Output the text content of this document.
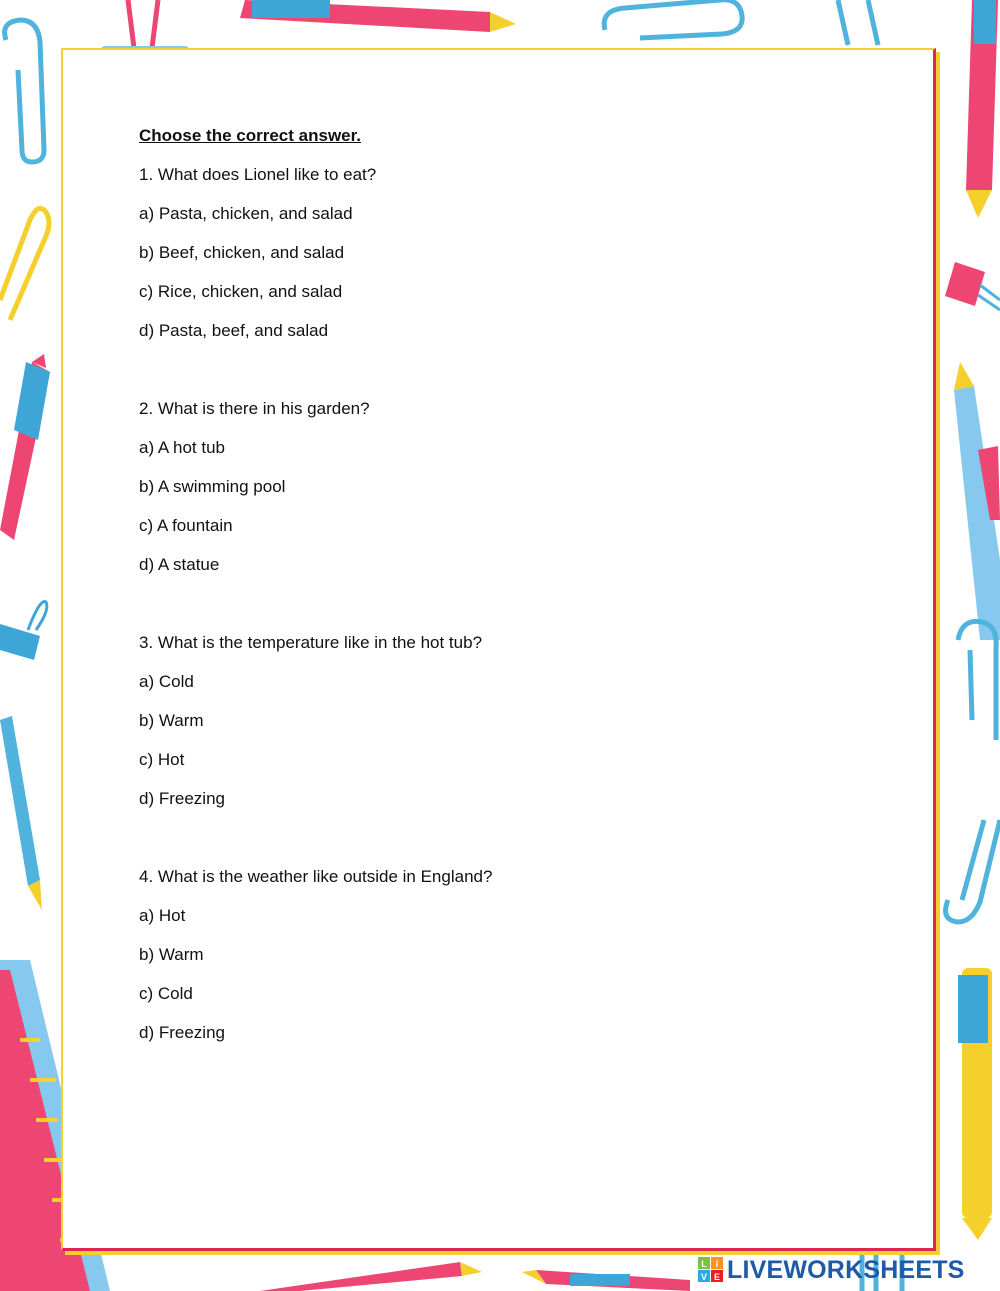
Choose the correct answer.
1. What does Lionel like to eat?
a) Pasta, chicken, and salad
b) Beef, chicken, and salad
c) Rice, chicken, and salad
d) Pasta, beef, and salad
2. What is there in his garden?
a) A hot tub
b) A swimming pool
c) A fountain
d) A statue
3. What is the temperature like in the hot tub?
a) Cold
b) Warm
c) Hot
d) Freezing
4. What is the weather like outside in England?
a) Hot
b) Warm
c) Cold
d) Freezing
L I
V E LIVEWORKSHEETS
